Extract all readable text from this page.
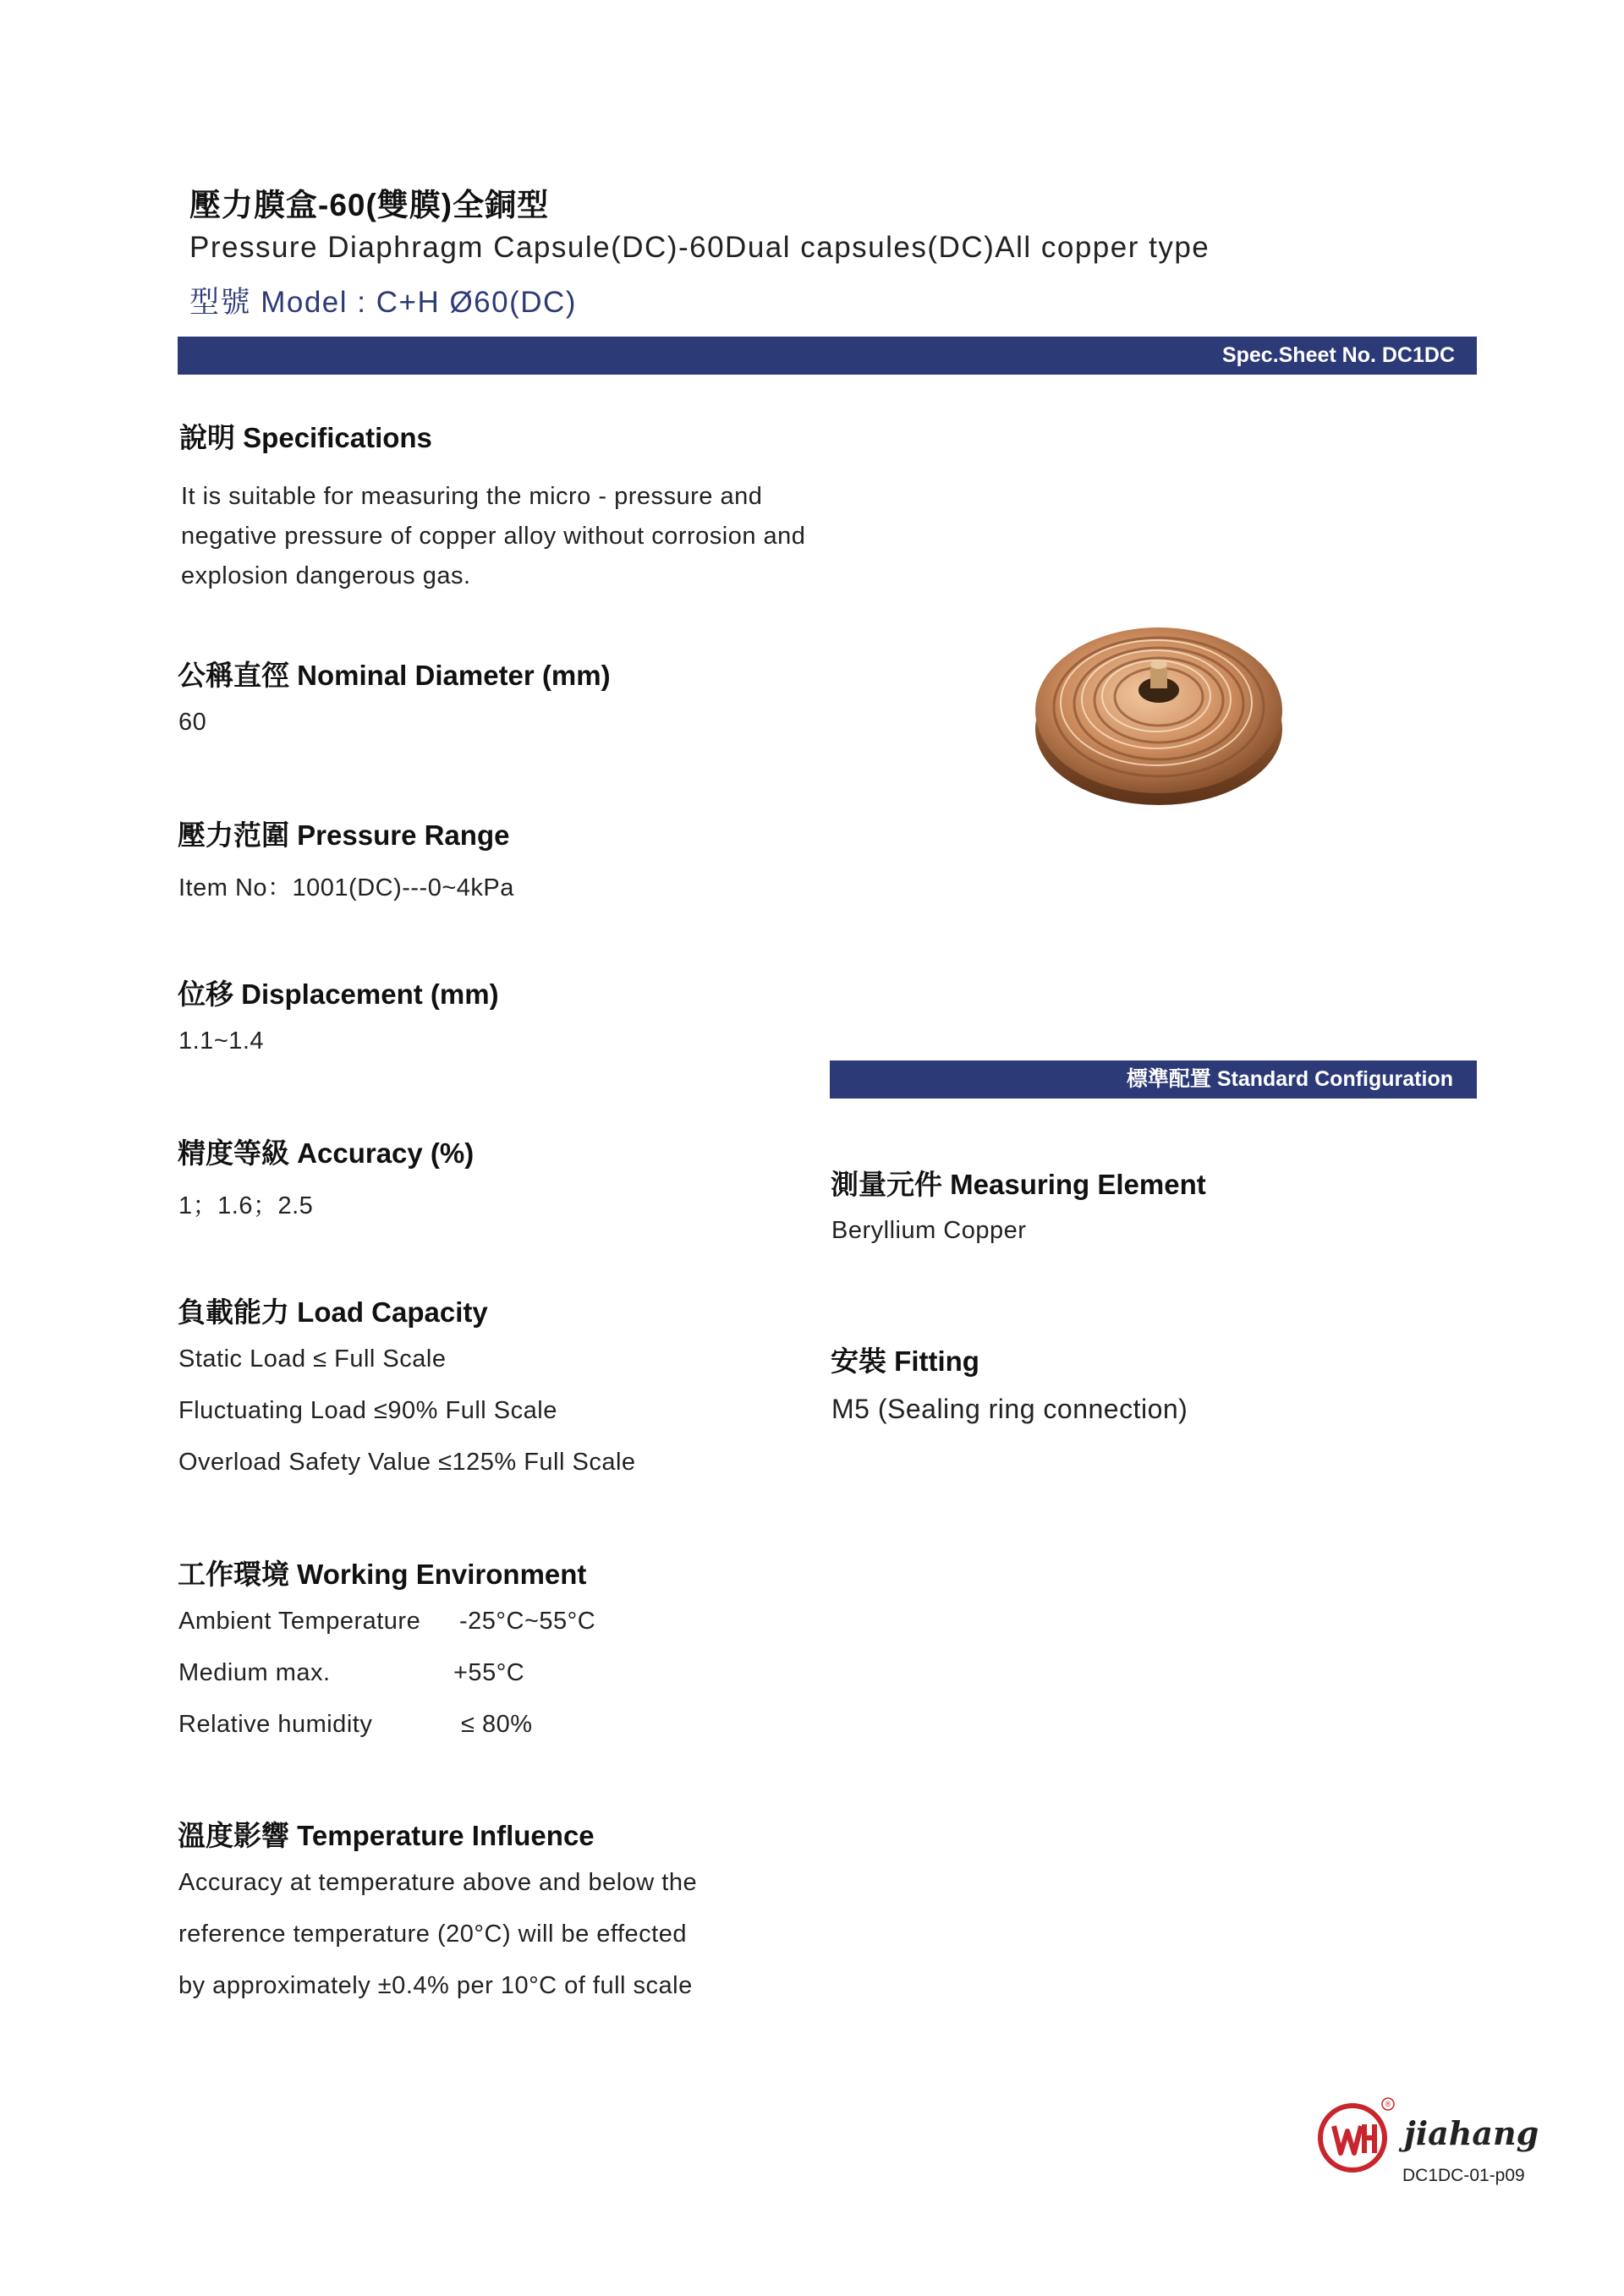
壓力膜盒-60(雙膜)全銅型
Pressure Diaphragm Capsule(DC)-60Dual capsules(DC)All copper type
型號 Model : C+H Ø60(DC)
Spec.Sheet No. DC1DC
說明 Specifications
It is suitable for measuring the micro - pressure and negative pressure of copper alloy without corrosion and explosion dangerous gas.
公稱直徑 Nominal Diameter (mm)
60
壓力范圍 Pressure Range
Item No：1001(DC)---0~4kPa
位移 Displacement (mm)
1.1~1.4
精度等級 Accuracy (%)
1；1.6；2.5
負載能力 Load Capacity
Static Load ≤ Full Scale
Fluctuating Load ≤90% Full Scale
Overload Safety Value ≤125% Full Scale
工作環境 Working Environment
Ambient Temperature -25°C~55°C
Medium max.	+55°C
Relative humidity	≤ 80%
溫度影響 Temperature Influence
Accuracy at temperature above and below the
reference temperature (20°C) will be effected
by approximately ±0.4% per 10°C of full scale
標準配置 Standard Configuration
測量元件 Measuring Element
Beryllium Copper
安裝 Fitting
M5 (Sealing ring connection)
®
jiahang
DC1DC-01-p09
